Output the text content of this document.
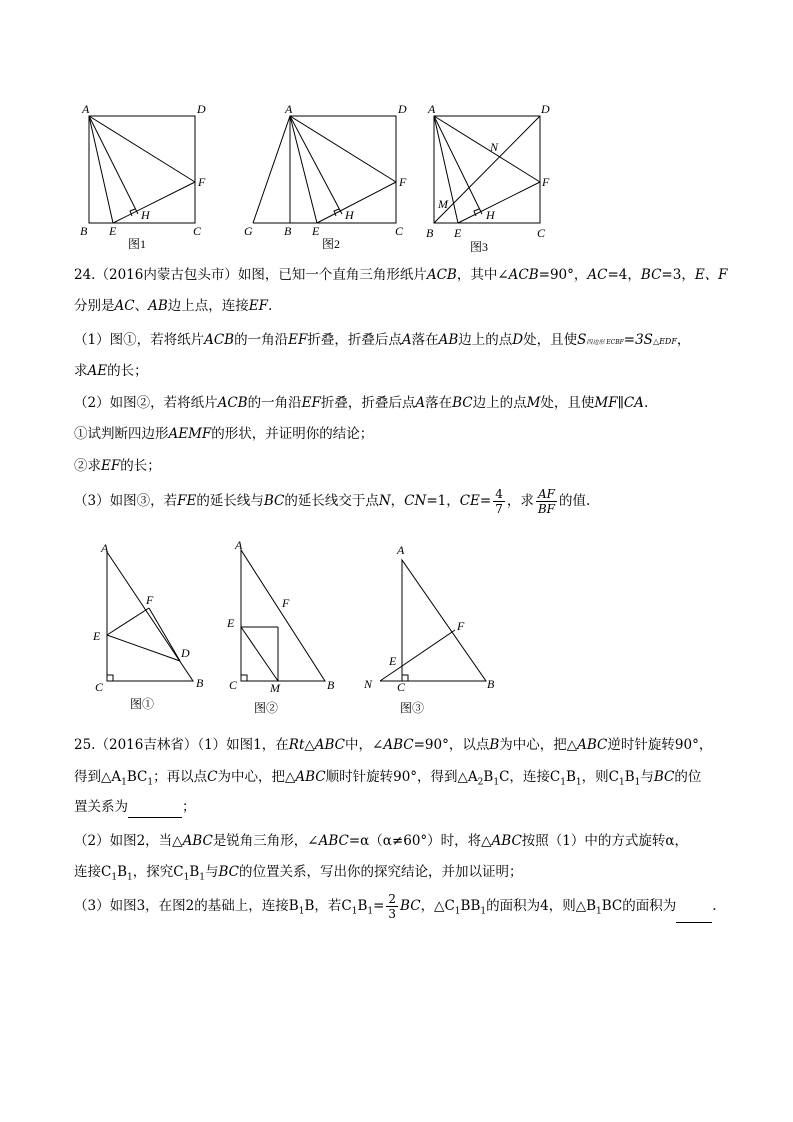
A	D
F
H
B E	C
图1
A	D
F
H
G	B E	C
图2
A	D
N
F
M
H
B E	C
图3
24.（2016内蒙古包头市）如图，已知一个直角三角形纸片ACB，其中∠ACB=90°，AC=4，BC=3，E、F
分别是AC、AB边上点，连接EF.
（1）图①，若将纸片ACB的一角沿EF折叠，折叠后点A落在AB边上的点D处，且使S四边形 ECBF=3S△EDF，
求AE的长；
（2）如图②，若将纸片ACB的一角沿EF折叠，折叠后点A落在BC边上的点M处，且使MF∥CA.
①试判断四边形AEMF的形状，并证明你的结论；
②求EF的长；
（3）如图③，若FE的延长线与BC的延长线交于点N，CN=1，$CE= \frac{4}{7}$ ，求 $\frac{AF}{BF}$ 的值.
A
F
E
D
C	B
图①
A
F
E
C	M	B
图②
A
F
E
N C	B
图③
25.（2016吉林省）（1）如图1，在Rt△ABC中，∠ABC=90°，以点B为中心，把△ABC逆时针旋转90°，
得到$\triangle A_1BC_1$；再以点C为中心，把△ABC顺时针旋转90°，得到$\triangle A_2B_1C$，连接$C_1B_1$，则$C_1B_1$与BC的位
置关系为	；
（2）如图2，当△ABC是锐角三角形，∠ABC=α（α≠60°）时，将△ABC按照（1）中的方式旋转α，
连接$C_1B_1$，探究$C_1B_1$与BC的位置关系，写出你的探究结论，并加以证明；
（3）如图3，在图2的基础上，连接$B_1B$，若$C_1B_1= \frac{2}{3}$ BC，$\triangle C_1BB_1$的面积为4，则$\triangle B_1BC$的面积为	.
